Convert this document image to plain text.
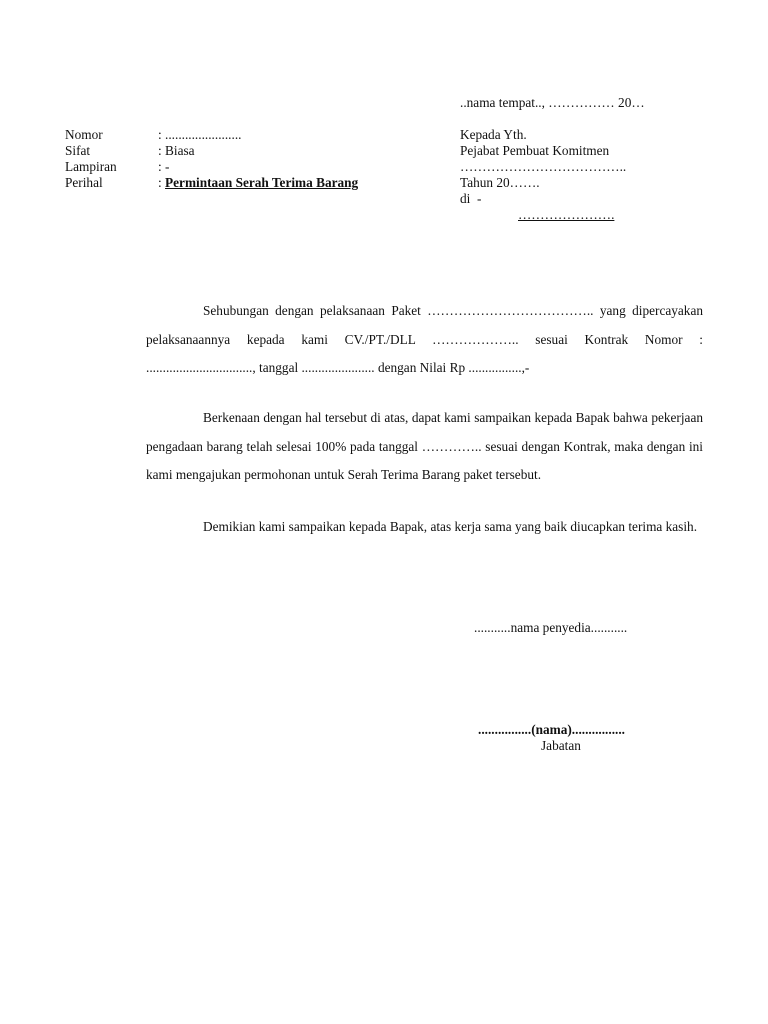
..nama tempat.., …………… 20…
Nomor	: .......................
Sifat	: Biasa
Lampiran	: -
Perihal	: Permintaan Serah Terima Barang
Kepada Yth.
Pejabat Pembuat Komitmen
………………………………..
Tahun 20…….
di  -
………………….

Sehubungan dengan pelaksanaan Paket ……………………………….. yang dipercayakan pelaksanaannya kepada kami CV./PT./DLL ……………….. sesuai Kontrak Nomor : ................................, tanggal ...................... dengan Nilai Rp ................,-

Berkenaan dengan hal tersebut di atas, dapat kami sampaikan kepada Bapak bahwa pekerjaan pengadaan barang telah selesai 100% pada tanggal ………….. sesuai dengan Kontrak, maka dengan ini kami mengajukan permohonan untuk Serah Terima Barang paket tersebut.

Demikian kami sampaikan kepada Bapak, atas kerja sama yang baik diucapkan terima kasih.

...........nama penyedia...........
................(nama)................
Jabatan
